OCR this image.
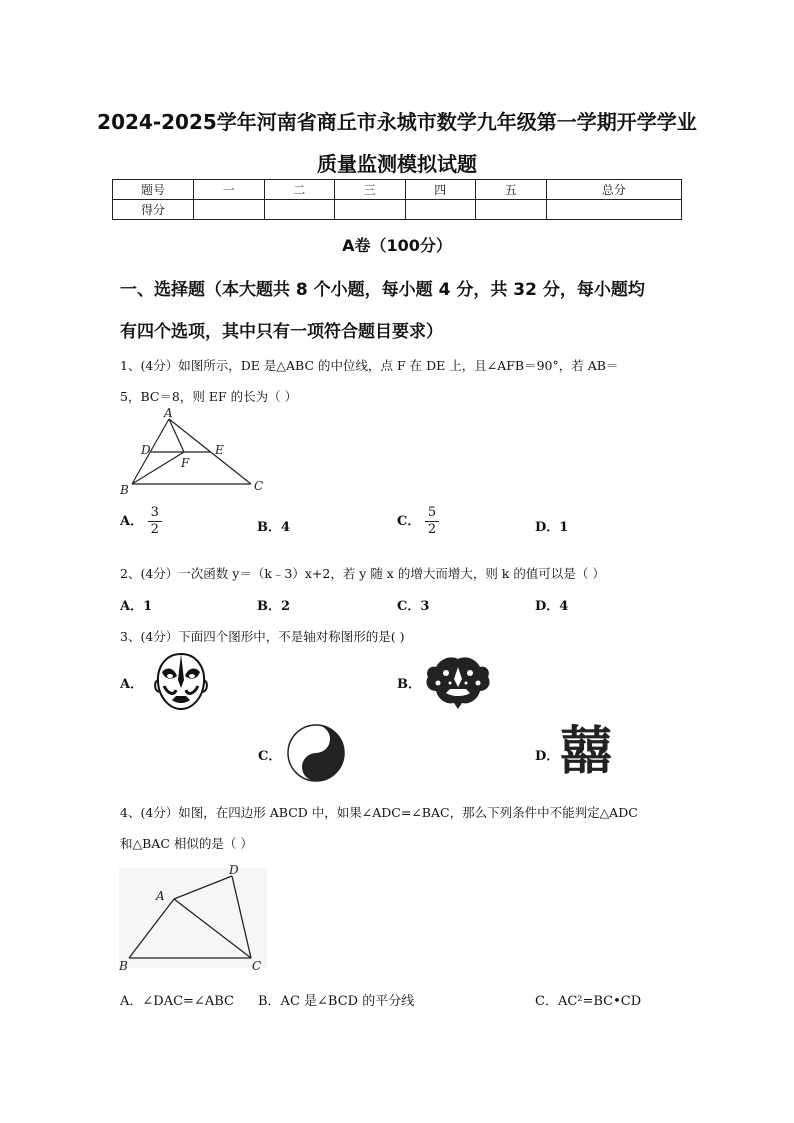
2024-2025学年河南省商丘市永城市数学九年级第一学期开学学业
质量监测模拟试题
题号	一	二	三	四	五	总分
得分						
A卷（100分）
一、选择题（本大题共 8 个小题，每小题 4 分，共 32 分，每小题均
有四个选项，其中只有一项符合题目要求）
1、(4分）如图所示，DE 是△ABC 的中位线，点 F 在 DE 上，且∠AFB＝90°，若 AB＝
5，BC＝8，则 EF 的长为（ ）
A
B	C
D	E
F
A． $\frac{3}{2}$	B．4	C． $\frac{5}{2}$	D．1
2、(4分）一次函数 y＝（k﹣3）x+2，若 y 随 x 的增大而增大，则 k 的值可以是（ ）
A．1	B．2	C．3	D．4
3、(4分）下面四个图形中，不是轴对称图形的是( )
A．	B．
C．	D． 囍
4、(4分）如图，在四边形 ABCD 中，如果∠ADC=∠BAC，那么下列条件中不能判定△ADC
和△BAC 相似的是（ ）
A
B	C
D
A．∠DAC=∠ABC B．AC 是∠BCD 的平分线	C．AC²=BC•CD
